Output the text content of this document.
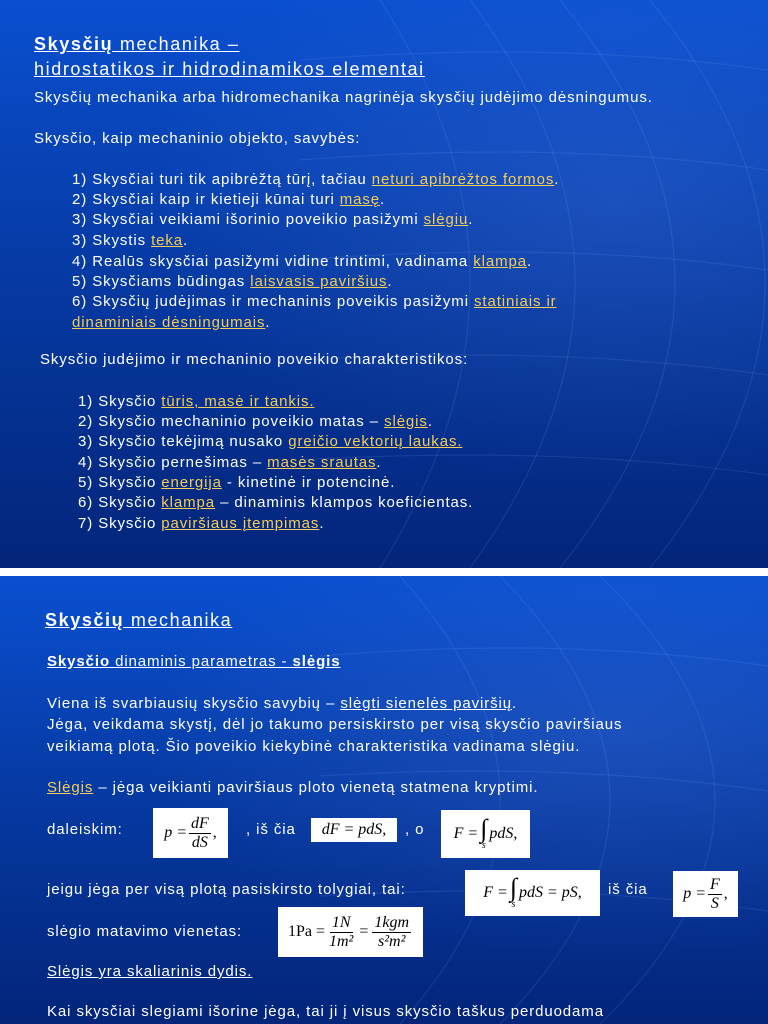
Skysčių mechanika –
hidrostatikos ir hidrodinamikos elementai
Skysčių mechanika arba hidromechanika nagrinėja skysčių judėjimo dėsningumus.
Skysčio, kaip mechaninio objekto, savybės:
1) Skysčiai turi tik apibrėžtą tūrį, tačiau neturi apibrėžtos formos.
2) Skysčiai kaip ir kietieji kūnai turi masę.
3) Skysčiai veikiami išorinio poveikio pasižymi slėgiu.
3) Skystis teka.
4) Realūs skysčiai pasižymi vidine trintimi, vadinama klampa.
5) Skysčiams būdingas laisvasis paviršius.
6) Skysčių judėjimas ir mechaninis poveikis pasižymi statiniais ir
dinaminiais dėsningumais.
Skysčio judėjimo ir mechaninio poveikio charakteristikos:
1) Skysčio tūris, masė ir tankis.
2) Skysčio mechaninio poveikio matas – slėgis.
3) Skysčio tekėjimą nusako greičio vektorių laukas.
4) Skysčio pernešimas – masės srautas.
5) Skysčio energija - kinetinė ir potencinė.
6) Skysčio klampa – dinaminis klampos koeficientas.
7) Skysčio paviršiaus įtempimas.
Skysčių mechanika
Skysčio dinaminis parametras - slėgis
Viena iš svarbiausių skysčio savybių – slėgti sienelės paviršių.
Jėga, veikdama skystį, dėl jo takumo persiskirsto per visą skysčio paviršiaus
veikiamą plotą. Šio poveikio kiekybinė charakteristika vadinama slėgiu.
Slėgis – jėga veikianti paviršiaus ploto vienetą statmena kryptimi.
daleiskim:	$p = \frac{dF}{dS}$ , , iš čia dF = pdS , , o F = ∫
s
pdS ,
jeigu jėga per visą plotą pasiskirsto tolygiai, tai:	F = ∫
s
pdS = pS , iš čia $p = \frac{F}{S}$ ,
slėgio matavimo vienetas:	$1Pa = \frac{1N}{\text{1m²}} = \frac{\text{1kgm}}{\text{s²m²}}$
Slėgis yra skaliarinis dydis.
Kai skysčiai slegiami išorine jėga, tai ji į visus skysčio taškus perduodama
